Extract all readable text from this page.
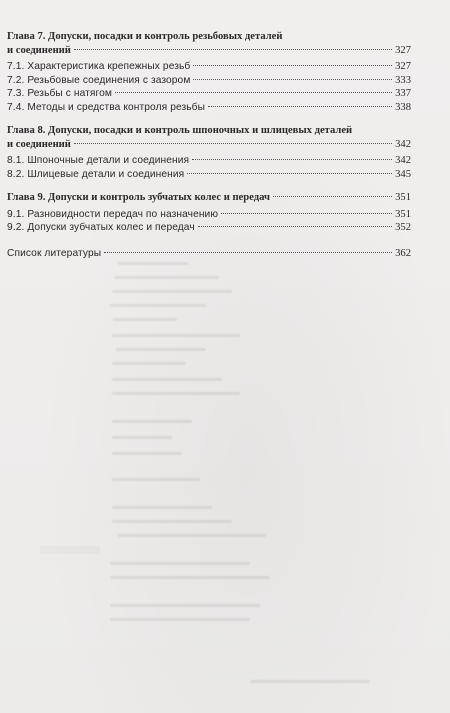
Глава 7. Допуски, посадки и контроль резьбовых деталей
и соединений	327
7.1. Характеристика крепежных резьб	327
7.2. Резьбовые соединения с зазором	333
7.3. Резьбы с натягом	337
7.4. Методы и средства контроля резьбы	338
Глава 8. Допуски, посадки и контроль шпоночных и шлицевых деталей
и соединений	342
8.1. Шпоночные детали и соединения	342
8.2. Шлицевые детали и соединения	345
Глава 9. Допуски и контроль зубчатых колес и передач	351
9.1. Разновидности передач по назначению	351
9.2. Допуски зубчатых колес и передач	352
Список литературы	362
